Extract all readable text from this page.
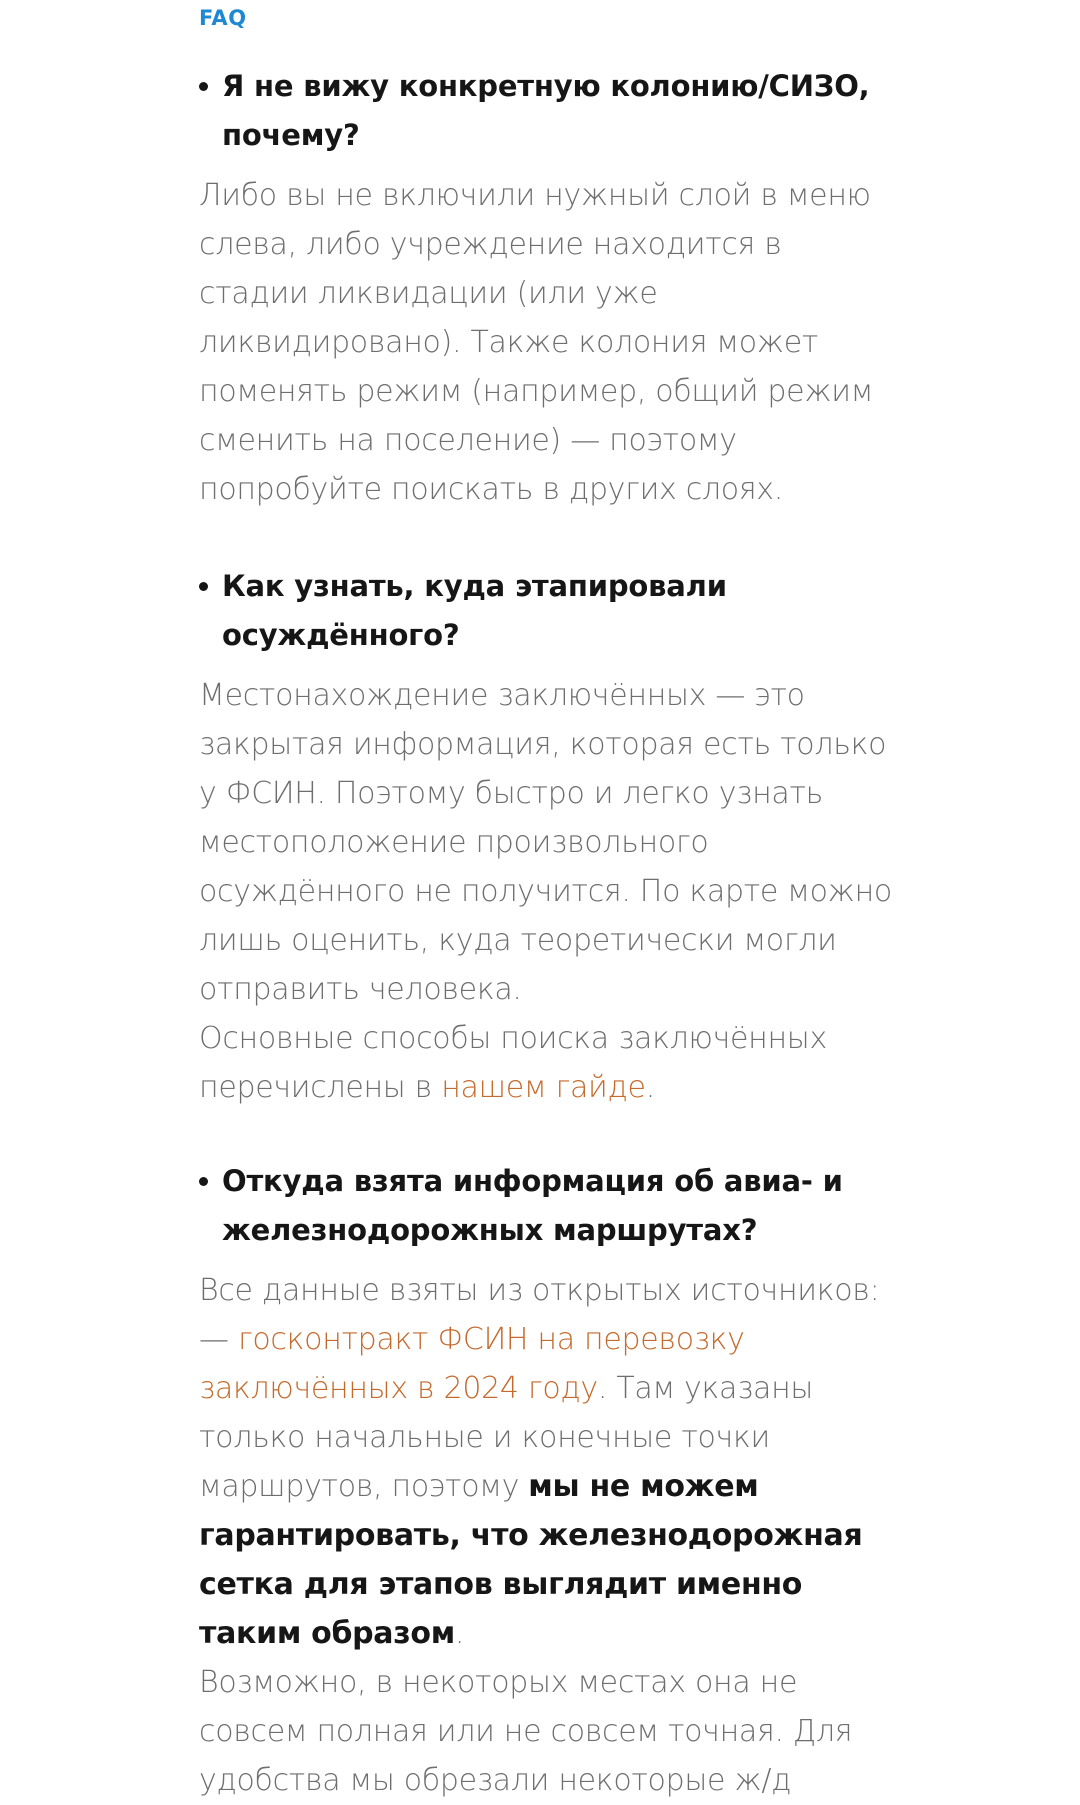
FAQ
Я не вижу конкретную колонию/СИЗО, почему?

Либо вы не включили нужный слой в меню слева, либо учреждение находится в стадии ликвидации (или уже ликвидировано). Также колония может поменять режим (например, общий режим сменить на поселение) — поэтому попробуйте поискать в других слоях.

Как узнать, куда этапировали осуждённого?

Местонахождение заключённых — это закрытая информация, которая есть только у ФСИН. Поэтому быстро и легко узнать местоположение произвольного осуждённого не получится. По карте можно лишь оценить, куда теоретически могли отправить человека.

Основные способы поиска заключённых перечислены в нашем гайде.

Откуда взята информация об авиа- и железнодорожных маршрутах?

Все данные взяты из открытых источников:

— госконтракт ФСИН на перевозку заключённых в 2024 году. Там указаны только начальные и конечные точки маршрутов, поэтому мы не можем гарантировать, что железнодорожная сетка для этапов выглядит именно таким образом.

Возможно, в некоторых местах она не совсем полная или не совсем точная. Для удобства мы обрезали некоторые ж/д
